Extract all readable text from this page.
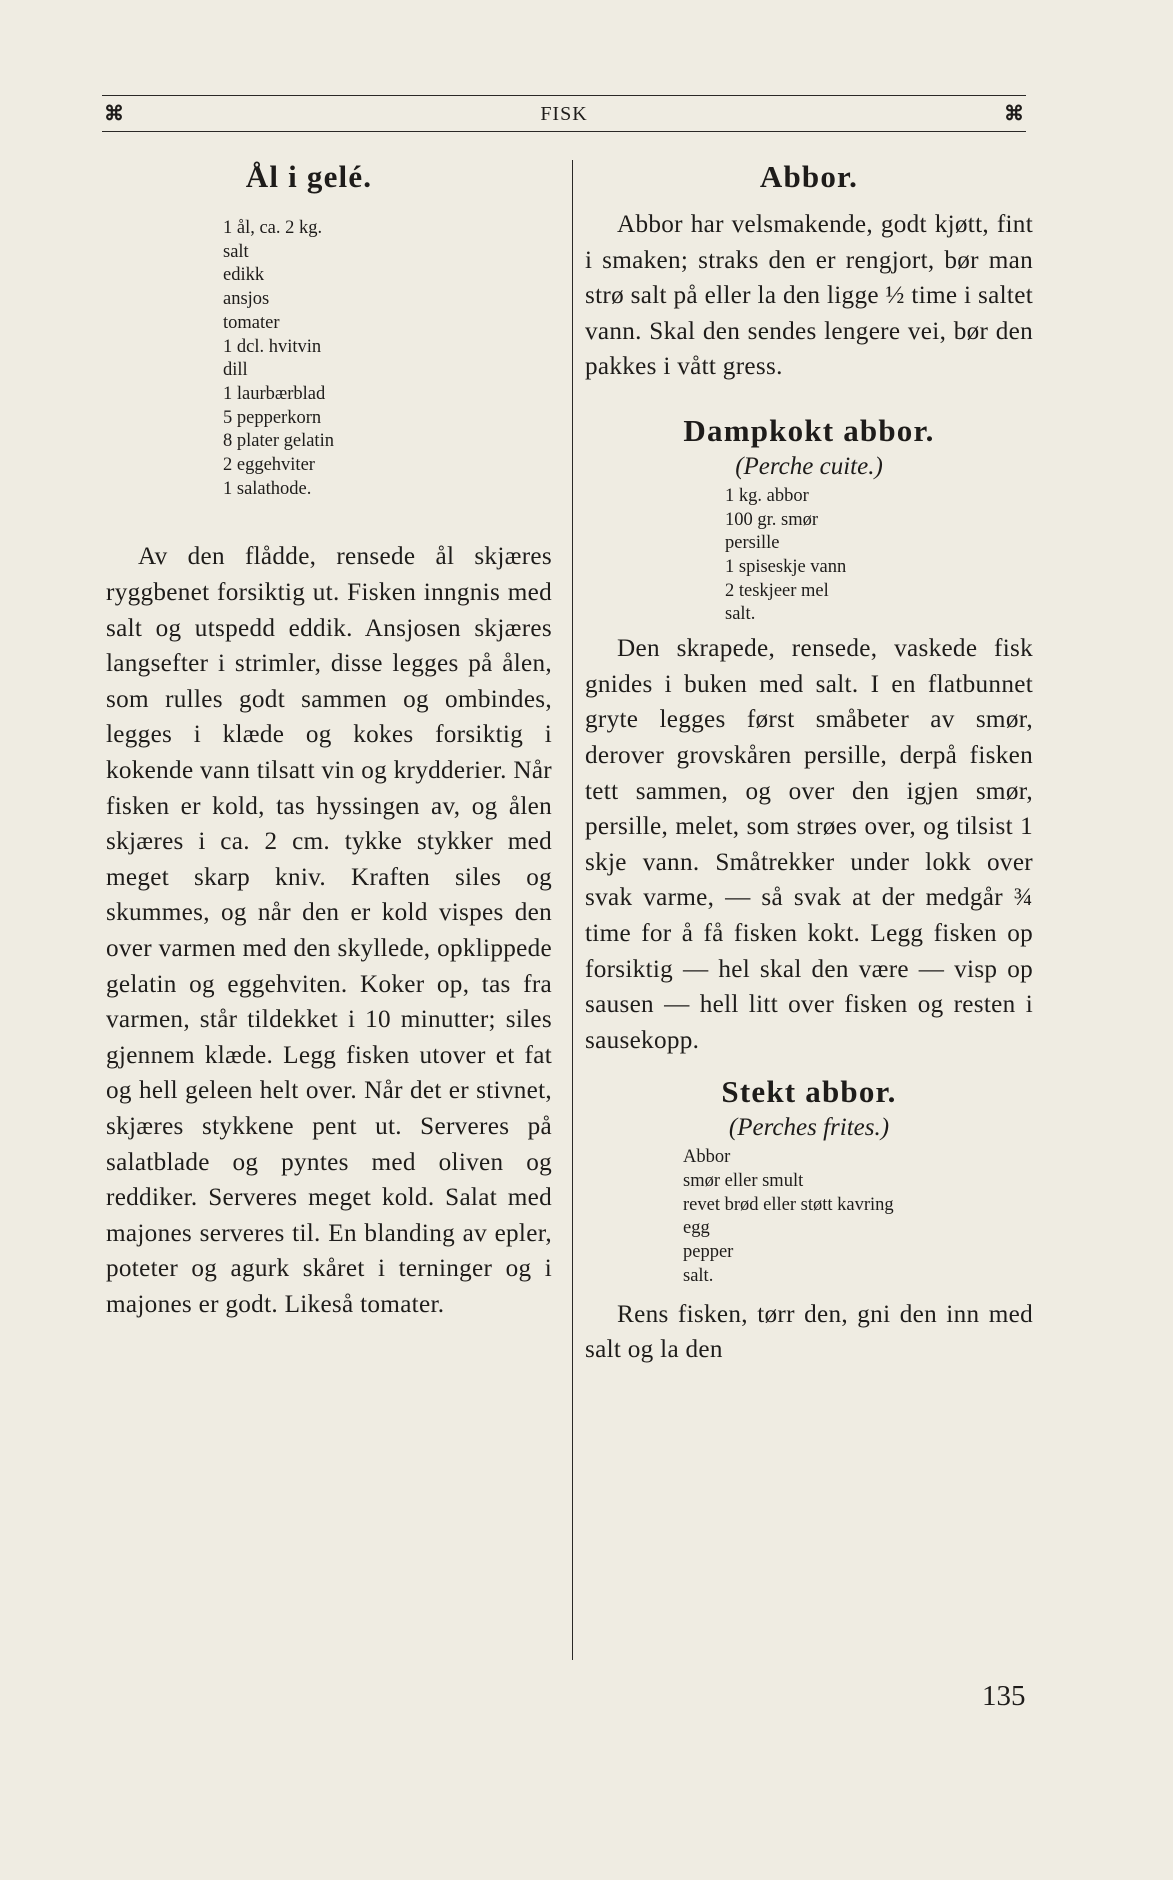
⌘	FISK	⌘
Ål i gelé.
1 ål, ca. 2 kg.
salt
edikk
ansjos
tomater
1 dcl. hvitvin
dill
1 laurbærblad
5 pepperkorn
8 plater gelatin
2 eggehviter
1 salathode.

Av den flådde, rensede ål skjæres ryggbenet forsiktig ut. Fisken inngnis med salt og utspedd eddik. Ansjosen skjæres langsefter i strimler, disse legges på ålen, som rulles godt sammen og ombindes, legges i klæde og kokes forsiktig i kokende vann tilsatt vin og krydderier. Når fisken er kold, tas hyssingen av, og ålen skjæres i ca. 2 cm. tykke stykker med meget skarp kniv. Kraften siles og skummes, og når den er kold vispes den over varmen med den skyllede, opklippede gelatin og eggehviten. Koker op, tas fra varmen, står tildekket i 10 minutter; siles gjennem klæde. Legg fisken utover et fat og hell geleen helt over. Når det er stivnet, skjæres stykkene pent ut. Serveres på salatblade og pyntes med oliven og reddiker. Serveres meget kold. Salat med majones serveres til. En blanding av epler, poteter og agurk skåret i terninger og i majones er godt. Likeså tomater.

Abbor.

Abbor har velsmakende, godt kjøtt, fint i smaken; straks den er rengjort, bør man strø salt på eller la den ligge ½ time i saltet vann. Skal den sendes lengere vei, bør den pakkes i vått gress.

Dampkokt abbor.

(Perche cuite.)

1 kg. abbor
100 gr. smør
persille
1 spiseskje vann
2 teskjeer mel
salt.

Den skrapede, rensede, vaskede fisk gnides i buken med salt. I en flatbunnet gryte legges først småbeter av smør, derover grovskåren persille, derpå fisken tett sammen, og over den igjen smør, persille, melet, som strøes over, og tilsist 1 skje vann. Småtrekker under lokk over svak varme, — så svak at der medgår ¾ time for å få fisken kokt. Legg fisken op forsiktig — hel skal den være — visp op sausen — hell litt over fisken og resten i sausekopp.

Stekt abbor.

(Perches frites.)

Abbor
smør eller smult
revet brød eller støtt kavring
egg
pepper
salt.

Rens fisken, tørr den, gni den inn med salt og la den

135
